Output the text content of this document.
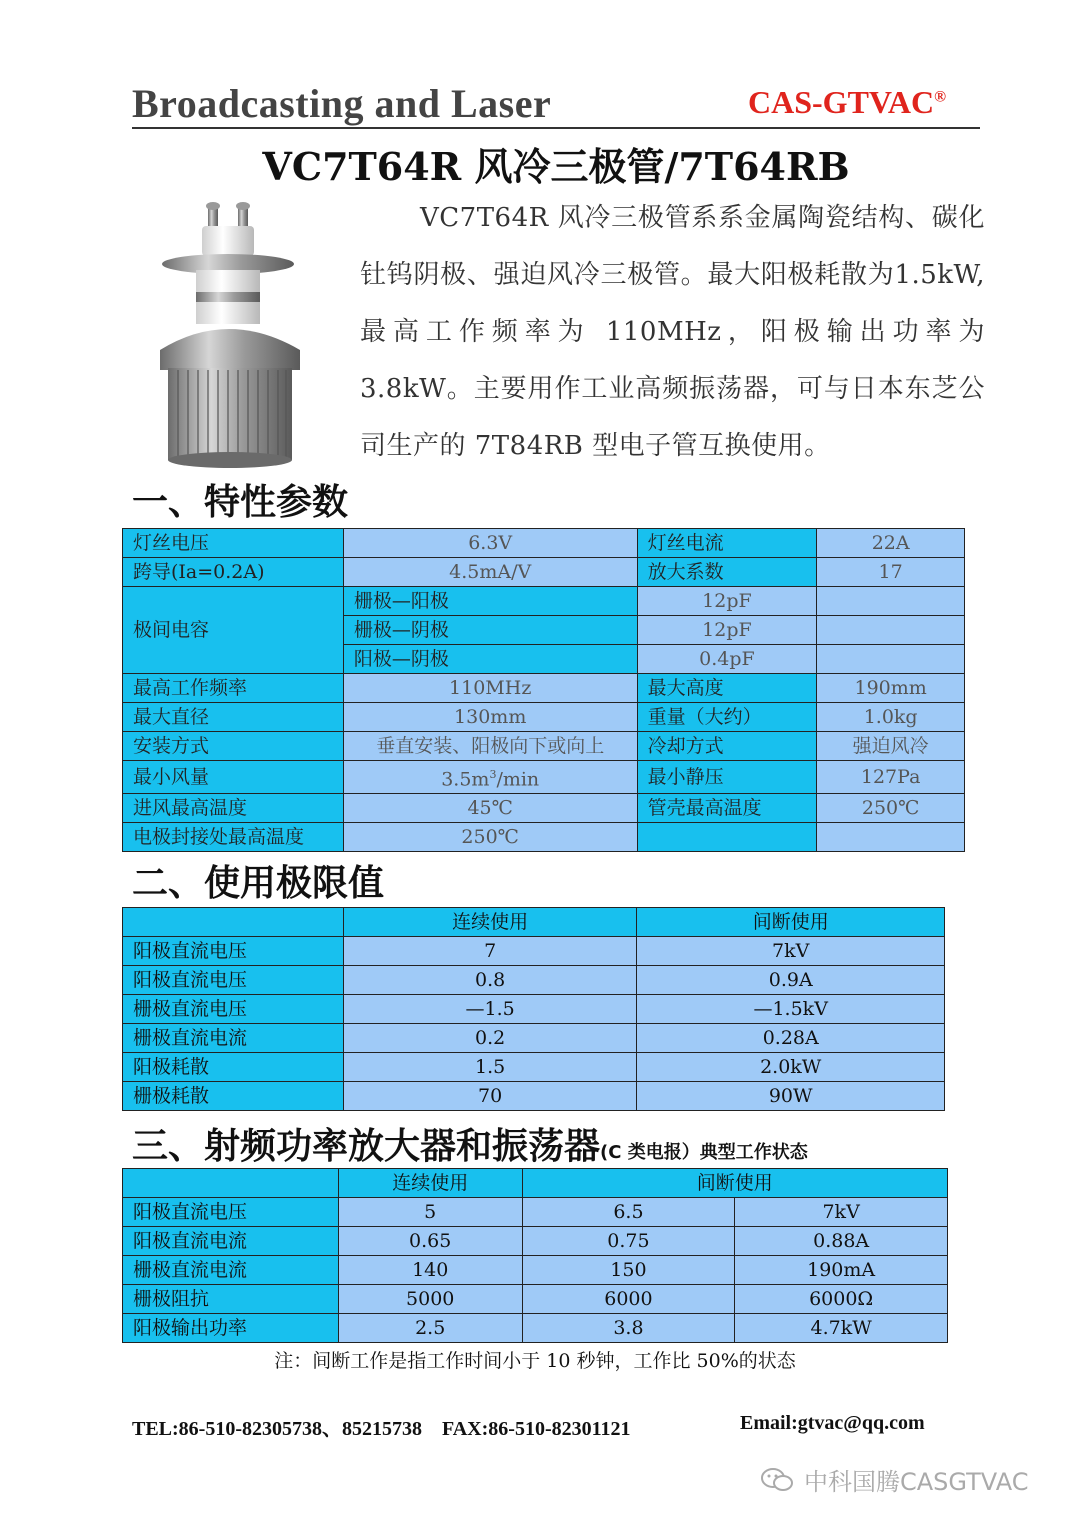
Broadcasting and Laser	CAS-GTVAC®
VC7T64R 风冷三极管/7T64RB
VC7T64R 风冷三极管系系金属陶瓷结构、碳化钍钨阴极、强迫风冷三极管。最大阳极耗散为1.5kW,最高工作频率为 110MHz，阳极输出功率为3.8kW。主要用作工业高频振荡器，可与日本东芝公司生产的 7T84RB 型电子管互换使用。
一、特性参数
灯丝电压	6.3V	灯丝电流	22A
跨导(Ia=0.2A)	4.5mA/V	放大系数	17
极间电容	栅极—阳极	12pF	
	栅极—阴极	12pF	
	阳极—阴极	0.4pF	
最高工作频率	110MHz	最大高度	190mm
最大直径	130mm	重量（大约）	1.0kg
安装方式	垂直安装、阳极向下或向上	冷却方式	强迫风冷
最小风量	$3.5m^3/\min$	最小静压	127Pa
进风最高温度	45℃	管壳最高温度	250℃
电极封接处最高温度	250℃		
二、使用极限值
	连续使用	间断使用
阳极直流电压	7	7kV
阳极直流电压	0.8	0.9A
栅极直流电压	—1.5	—1.5kV
栅极直流电流	0.2	0.28A
阳极耗散	1.5	2.0kW
栅极耗散	70	90W
三、射频功率放大器和振荡器(C 类电报）典型工作状态
	连续使用	间断使用	
阳极直流电压	5	6.5	7kV
阳极直流电流	0.65	0.75	0.88A
栅极直流电流	140	150	190mA
栅极阻抗	5000	6000	6000Ω
阳极输出功率	2.5	3.8	4.7kW
注：间断工作是指工作时间小于 10 秒钟，工作比 50%的状态
TEL:86-510-82305738、85215738    FAX:86-510-82301121	Email:gtvac@qq.com
中科国腾CASGTVAC
